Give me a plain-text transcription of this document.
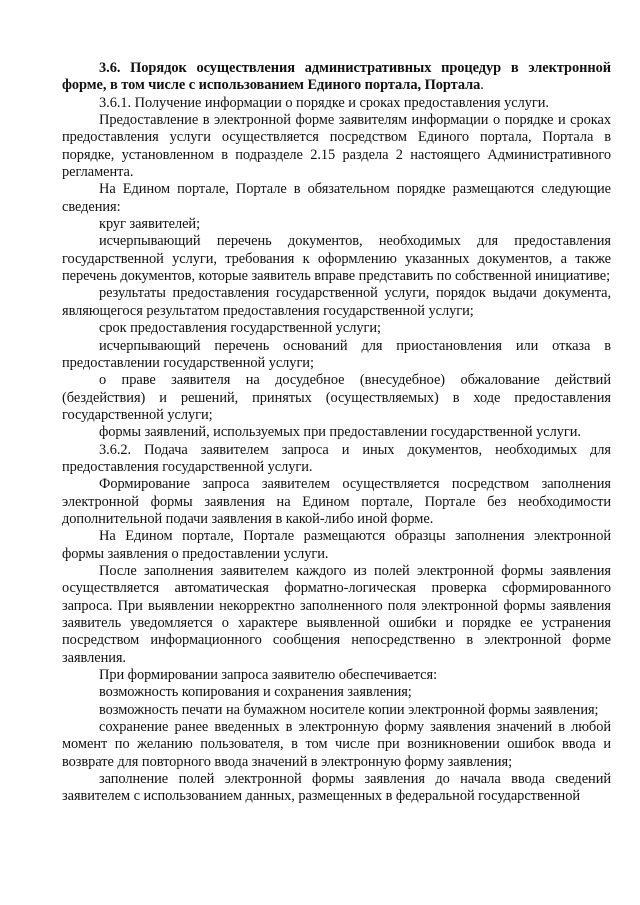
3.6. Порядок осуществления административных процедур в электронной форме, в том числе с использованием Единого портала, Портала.

3.6.1. Получение информации о порядке и сроках предоставления услуги.

Предоставление в электронной форме заявителям информации о порядке и сроках предоставления услуги осуществляется посредством Единого портала, Портала в порядке, установленном в подразделе 2.15 раздела 2 настоящего Административного регламента.

На Едином портале, Портале в обязательном порядке размещаются следующие сведения:

круг заявителей;

исчерпывающий перечень документов, необходимых для предоставления государственной услуги, требования к оформлению указанных документов, а также перечень документов, которые заявитель вправе представить по собственной инициативе;

результаты предоставления государственной услуги, порядок выдачи документа, являющегося результатом предоставления государственной услуги;

срок предоставления государственной услуги;

исчерпывающий перечень оснований для приостановления или отказа в предоставлении государственной услуги;

о праве заявителя на досудебное (внесудебное) обжалование действий (бездействия) и решений, принятых (осуществляемых) в ходе предоставления государственной услуги;

формы заявлений, используемых при предоставлении государственной услуги.

3.6.2. Подача заявителем запроса и иных документов, необходимых для предоставления государственной услуги.

Формирование запроса заявителем осуществляется посредством заполнения электронной формы заявления на Едином портале, Портале без необходимости дополнительной подачи заявления в какой-либо иной форме.

На Едином портале, Портале размещаются образцы заполнения электронной формы заявления о предоставлении услуги.

После заполнения заявителем каждого из полей электронной формы заявления осуществляется автоматическая форматно-логическая проверка сформированного запроса. При выявлении некорректно заполненного поля электронной формы заявления заявитель уведомляется о характере выявленной ошибки и порядке ее устранения посредством информационного сообщения непосредственно в электронной форме заявления.

При формировании запроса заявителю обеспечивается:

возможность копирования и сохранения заявления;

возможность печати на бумажном носителе копии электронной формы заявления;

сохранение ранее введенных в электронную форму заявления значений в любой момент по желанию пользователя, в том числе при возникновении ошибок ввода и возврате для повторного ввода значений в электронную форму заявления;

заполнение полей электронной формы заявления до начала ввода сведений заявителем с использованием данных, размещенных в федеральной государственной
